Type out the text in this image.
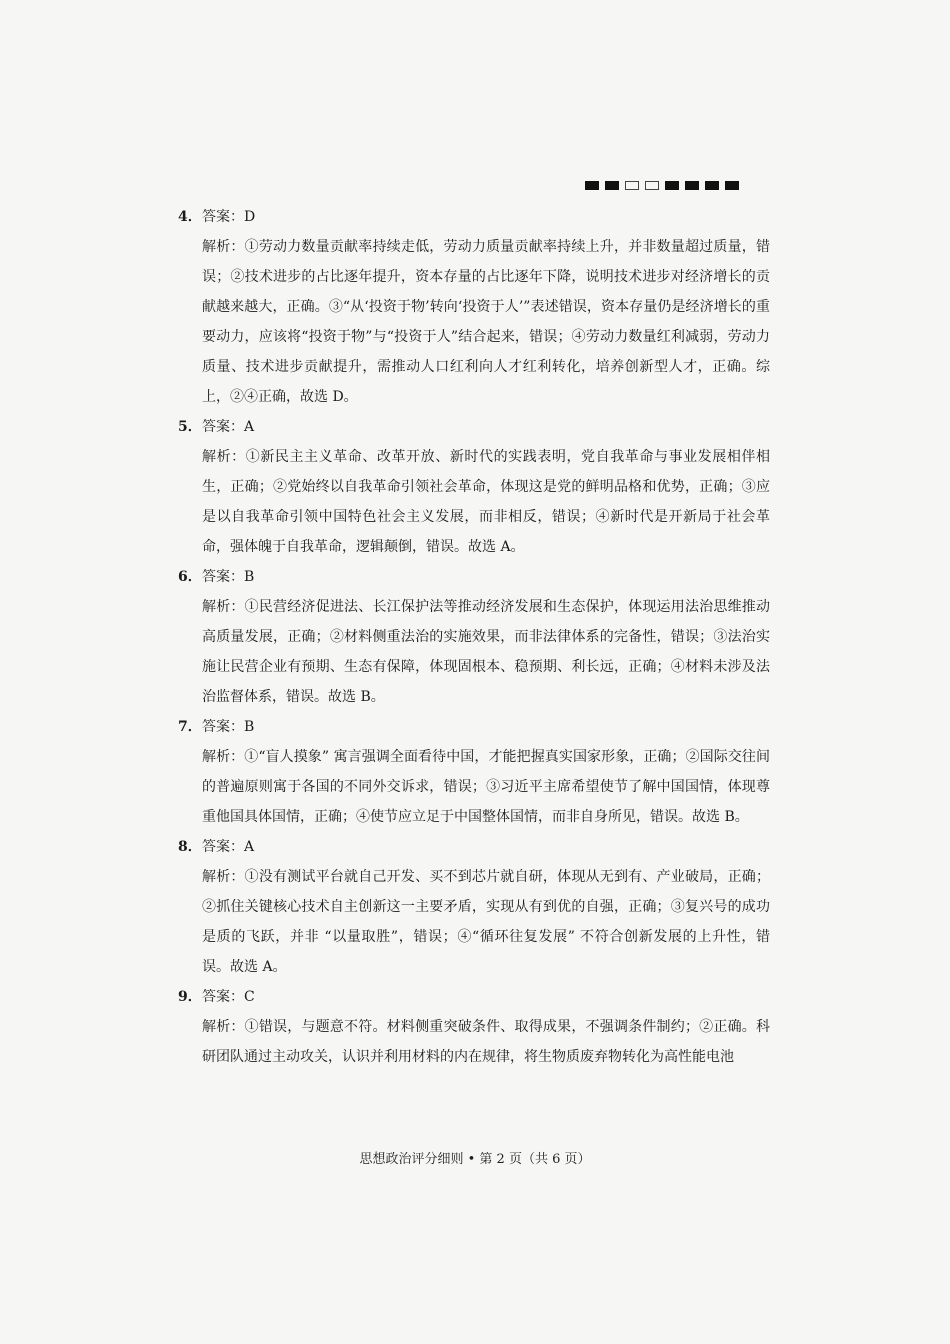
4．答案：D
解析：①劳动力数量贡献率持续走低，劳动力质量贡献率持续上升，并非数量超过质量，错误；②技术进步的占比逐年提升，资本存量的占比逐年下降，说明技术进步对经济增长的贡献越来越大，正确。③“从‘投资于物’转向‘投资于人’”表述错误，资本存量仍是经济增长的重要动力，应该将“投资于物”与“投资于人”结合起来，错误；④劳动力数量红利减弱，劳动力质量、技术进步贡献提升，需推动人口红利向人才红利转化，培养创新型人才，正确。综上，②④正确，故选 D。
5．答案：A
解析：①新民主主义革命、改革开放、新时代的实践表明，党自我革命与事业发展相伴相生，正确；②党始终以自我革命引领社会革命，体现这是党的鲜明品格和优势，正确；③应是以自我革命引领中国特色社会主义发展，而非相反，错误；④新时代是开新局于社会革命，强体魄于自我革命，逻辑颠倒，错误。故选 A。
6．答案：B
解析：①民营经济促进法、长江保护法等推动经济发展和生态保护，体现运用法治思维推动高质量发展，正确；②材料侧重法治的实施效果，而非法律体系的完备性，错误；③法治实施让民营企业有预期、生态有保障，体现固根本、稳预期、利长远，正确；④材料未涉及法治监督体系，错误。故选 B。
7．答案：B
解析：①“盲人摸象” 寓言强调全面看待中国，才能把握真实国家形象，正确；②国际交往间的普遍原则寓于各国的不同外交诉求，错误；③习近平主席希望使节了解中国国情，体现尊重他国具体国情，正确；④使节应立足于中国整体国情，而非自身所见，错误。故选 B。
8．答案：A
解析：①没有测试平台就自己开发、买不到芯片就自研，体现从无到有、产业破局，正确；②抓住关键核心技术自主创新这一主要矛盾，实现从有到优的自强，正确；③复兴号的成功是质的飞跃，并非 “以量取胜”，错误；④“循环往复发展” 不符合创新发展的上升性，错误。故选 A。
9．答案：C
解析：①错误，与题意不符。材料侧重突破条件、取得成果，不强调条件制约；②正确。科研团队通过主动攻关，认识并利用材料的内在规律，将生物质废弃物转化为高性能电池
思想政治评分细则 • 第 2 页（共 6 页）
